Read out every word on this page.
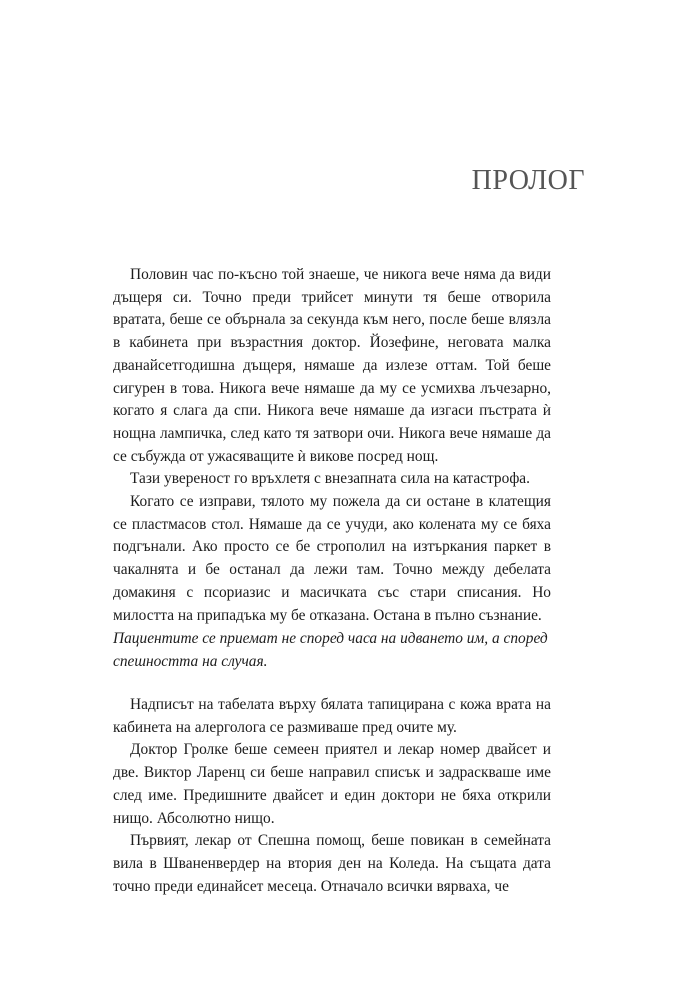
ПРОЛОГ

Половин час по-късно той знаеше, че никога вече няма да види дъщеря си. Точно преди трийсет минути тя беше отворила вратата, беше се обърнала за секунда към него, после беше влязла в кабинета при възрастния доктор. Йозефине, неговата малка дванайсетгодишна дъщеря, нямаше да излезе оттам. Той беше сигурен в това. Никога вече нямаше да му се усмихва лъчезарно, когато я слага да спи. Никога вече нямаше да изгаси пъстрата ѝ нощна лампичка, след като тя затвори очи. Никога вече нямаше да се събужда от ужасяващите ѝ викове посред нощ.

Тази увереност го връхлетя с внезапната сила на катастрофа.

Когато се изправи, тялото му пожела да си остане в клатещия се пластмасов стол. Нямаше да се учуди, ако колената му се бяха подгънали. Ако просто се бе строполил на изтъркания паркет в чакалнята и бе останал да лежи там. Точно между дебелата домакиня с псориазис и масичката със стари списания. Но милостта на припадъка му бе отказана. Остана в пълно съзнание.

Пациентите се приемат не според часа на идването им, а според спешността на случая.

Надписът на табелата върху бялата тапицирана с кожа врата на кабинета на алерголога се размиваше пред очите му.

Доктор Гролке беше семеен приятел и лекар номер двайсет и две. Виктор Ларенц си беше направил списък и задраскваше име след име. Предишните двайсет и един доктори не бяха открили нищо. Абсолютно нищо.

Първият, лекар от Спешна помощ, беше повикан в семейната вила в Шваненвердер на втория ден на Коледа. На същата дата точно преди единайсет месеца. Отначало всички вярваха, че
